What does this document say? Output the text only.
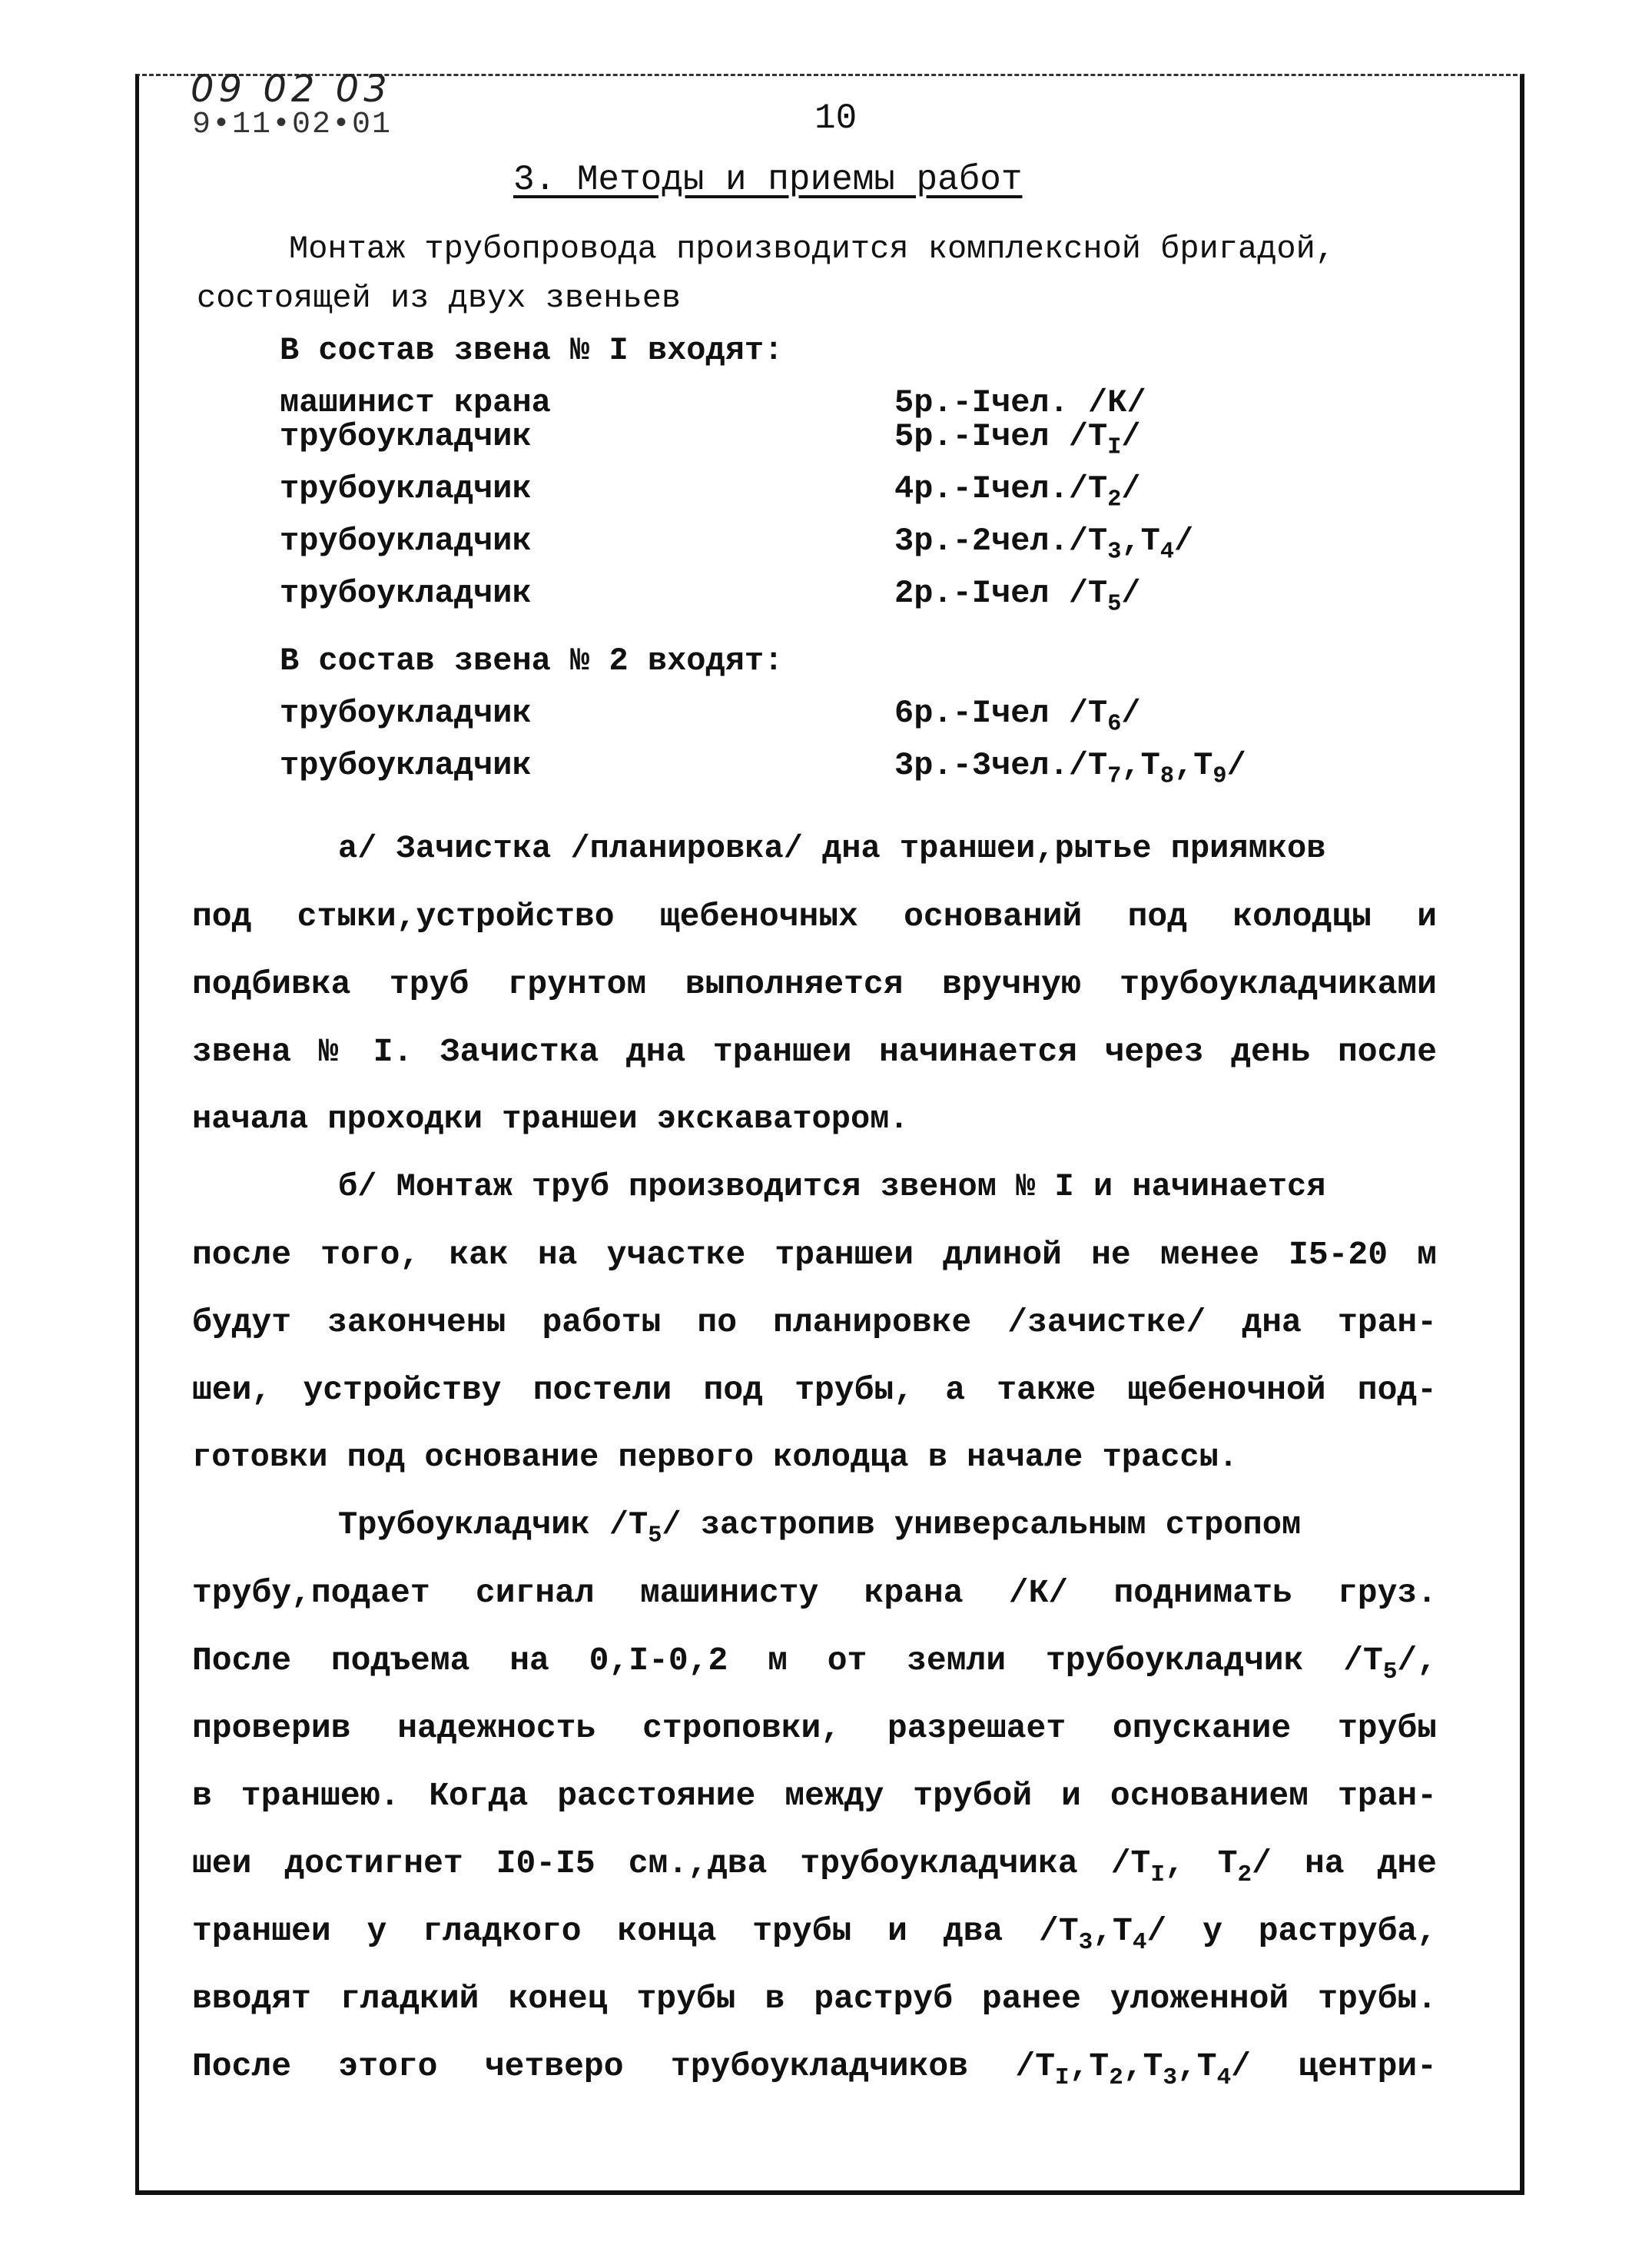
09 02 03
9•11•02•01	10
3. Методы и приемы работ
Монтаж трубопровода производится комплексной бригадой,
состоящей из двух звеньев
В состав звена № I входят:
машинист крана	5р.-Iчел. /К/
трубоукладчик	5р.-Iчел $/Т_I/$
трубоукладчик	$4р.-Iчел./Т_2/$
трубоукладчик	$3р.-2чел./Т_3,Т_4/$
трубоукладчик	2р.-Iчел $/Т_5/$
В состав звена № 2 входят:
трубоукладчик	6р.-Iчел $/Т_6/$
трубоукладчик	$3р.-3чел./Т_7,Т_8,Т_9/$
а/ Зачистка /планировка/ дна траншеи,рытье приямков
под стыки,устройство щебеночных оснований под колодцы и
подбивка труб грунтом выполняется вручную трубоукладчиками
звена № I. Зачистка дна траншеи начинается через день после
начала проходки траншеи экскаватором.
б/ Монтаж труб производится звеном № I и начинается
после того, как на участке траншеи длиной не менее I5-20 м
будут закончены работы по планировке /зачистке/ дна тран-
шеи, устройству постели под трубы, а также щебеночной под-
готовки под основание первого колодца в начале трассы.
Трубоукладчик $/Т_5/$ застропив универсальным стропом
трубу,подает сигнал машинисту крана /К/ поднимать груз.
После подъема на 0,I-0,2 м от земли трубоукладчик $/Т_5/$,
проверив надежность строповки, разрешает опускание трубы
в траншею. Когда расстояние между трубой и основанием тран-
шеи достигнет I0-I5 см.,два трубоукладчика $/Т_I$, $Т_2/$ на дне
траншеи у гладкого конца трубы и два $/Т_3,Т_4/$ у раструба,
вводят гладкий конец трубы в раструб ранее уложенной трубы.
После этого четверо трубоукладчиков $/Т_I,Т_2,Т_3,Т_4/$ центри-
